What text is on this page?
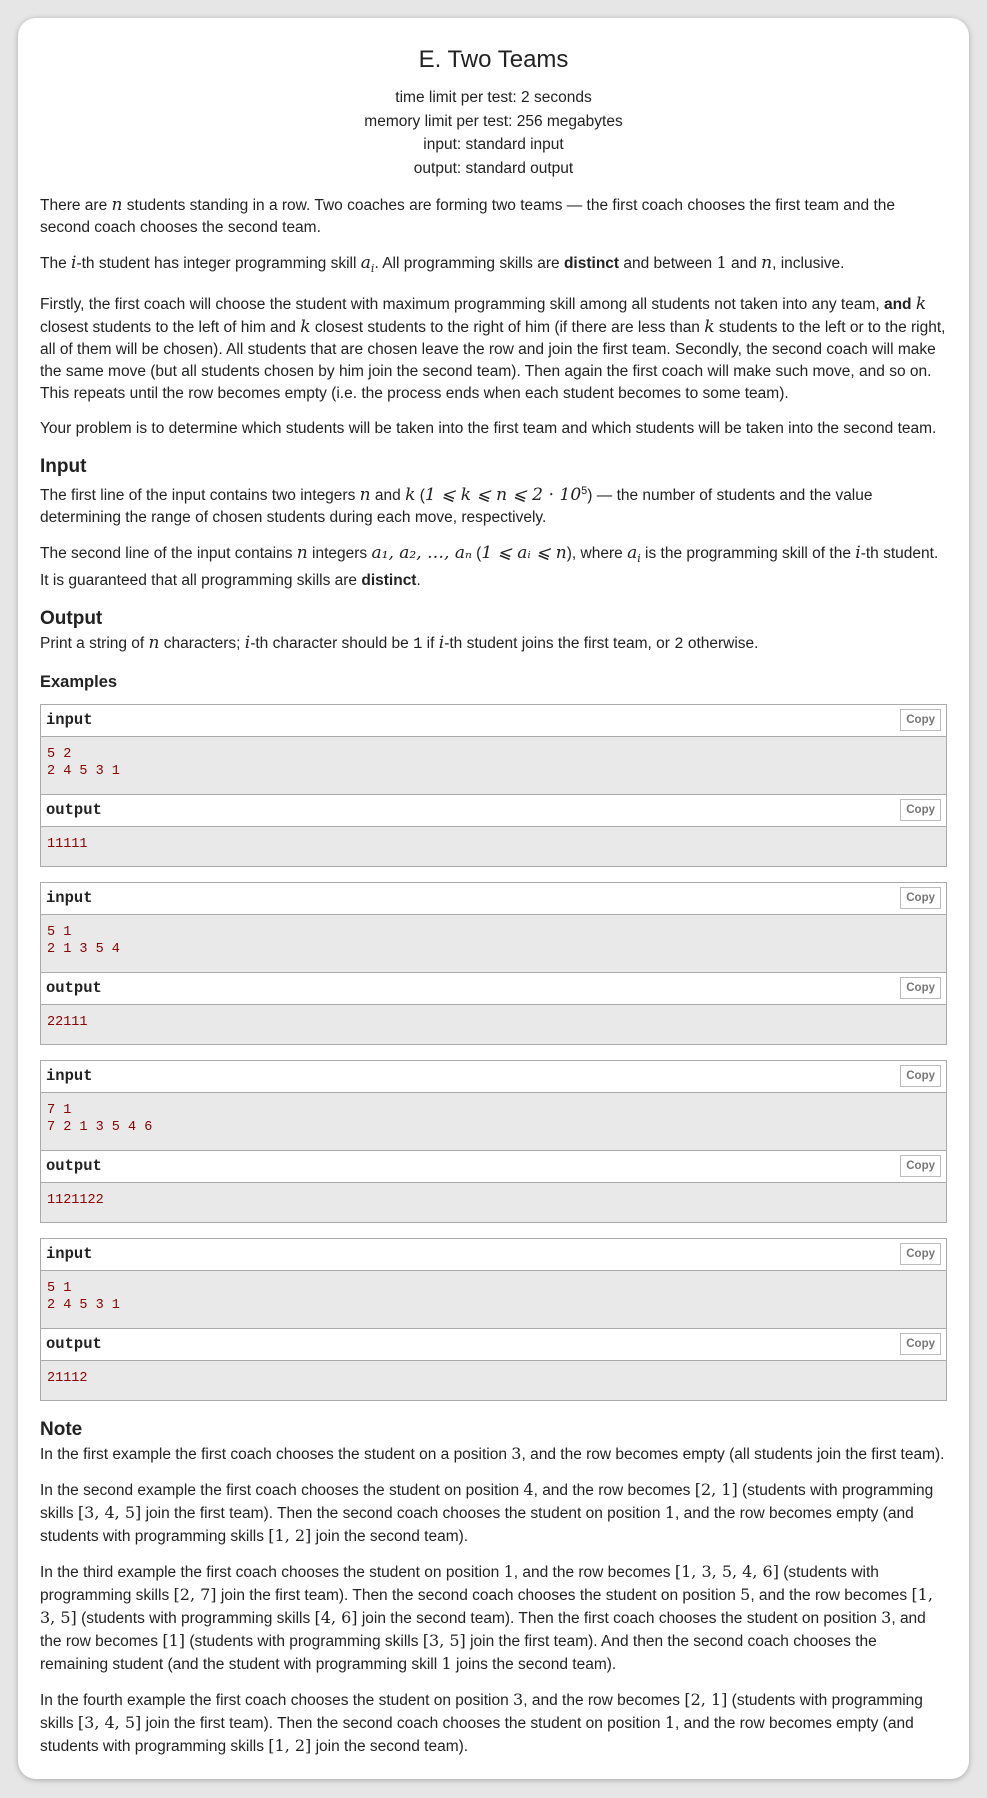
E. Two Teams
time limit per test: 2 seconds
memory limit per test: 256 megabytes
input: standard input
output: standard output

There are n students standing in a row. Two coaches are forming two teams — the first coach chooses the first team and the second coach chooses the second team.

The i-th student has integer programming skill $a_i$. All programming skills are distinct and between 1 and n, inclusive.

Firstly, the first coach will choose the student with maximum programming skill among all students not taken into any team, and k closest students to the left of him and k closest students to the right of him (if there are less than k students to the left or to the right, all of them will be chosen). All students that are chosen leave the row and join the first team. Secondly, the second coach will make the same move (but all students chosen by him join the second team). Then again the first coach will make such move, and so on. This repeats until the row becomes empty (i.e. the process ends when each student becomes to some team).

Your problem is to determine which students will be taken into the first team and which students will be taken into the second team.

Input

The first line of the input contains two integers n and k (1 ⩽ k ⩽ n ⩽ $2 \cdot 10^5$) — the number of students and the value determining the range of chosen students during each move, respectively.

The second line of the input contains n integers a₁, a₂, …, aₙ (1 ⩽ aᵢ ⩽ n), where $a_i$ is the programming skill of the i-th student. It is guaranteed that all programming skills are distinct.

Output

Print a string of n characters; i-th character should be 1 if i-th student joins the first team, or 2 otherwise.

Examples
input	Copy
5 2
2 4 5 3 1
output	Copy
11111
input	Copy
5 1
2 1 3 5 4
output	Copy
22111
input	Copy
7 1
7 2 1 3 5 4 6
output	Copy
1121122
input	Copy
5 1
2 4 5 3 1
output	Copy
21112
Note

In the first example the first coach chooses the student on a position 3, and the row becomes empty (all students join the first team).

In the second example the first coach chooses the student on position 4, and the row becomes [2, 1] (students with programming skills [3, 4, 5] join the first team). Then the second coach chooses the student on position 1, and the row becomes empty (and students with programming skills [1, 2] join the second team).

In the third example the first coach chooses the student on position 1, and the row becomes [1, 3, 5, 4, 6] (students with programming skills [2, 7] join the first team). Then the second coach chooses the student on position 5, and the row becomes [1, 3, 5] (students with programming skills [4, 6] join the second team). Then the first coach chooses the student on position 3, and the row becomes [1] (students with programming skills [3, 5] join the first team). And then the second coach chooses the remaining student (and the student with programming skill 1 joins the second team).

In the fourth example the first coach chooses the student on position 3, and the row becomes [2, 1] (students with programming skills [3, 4, 5] join the first team). Then the second coach chooses the student on position 1, and the row becomes empty (and students with programming skills [1, 2] join the second team).
